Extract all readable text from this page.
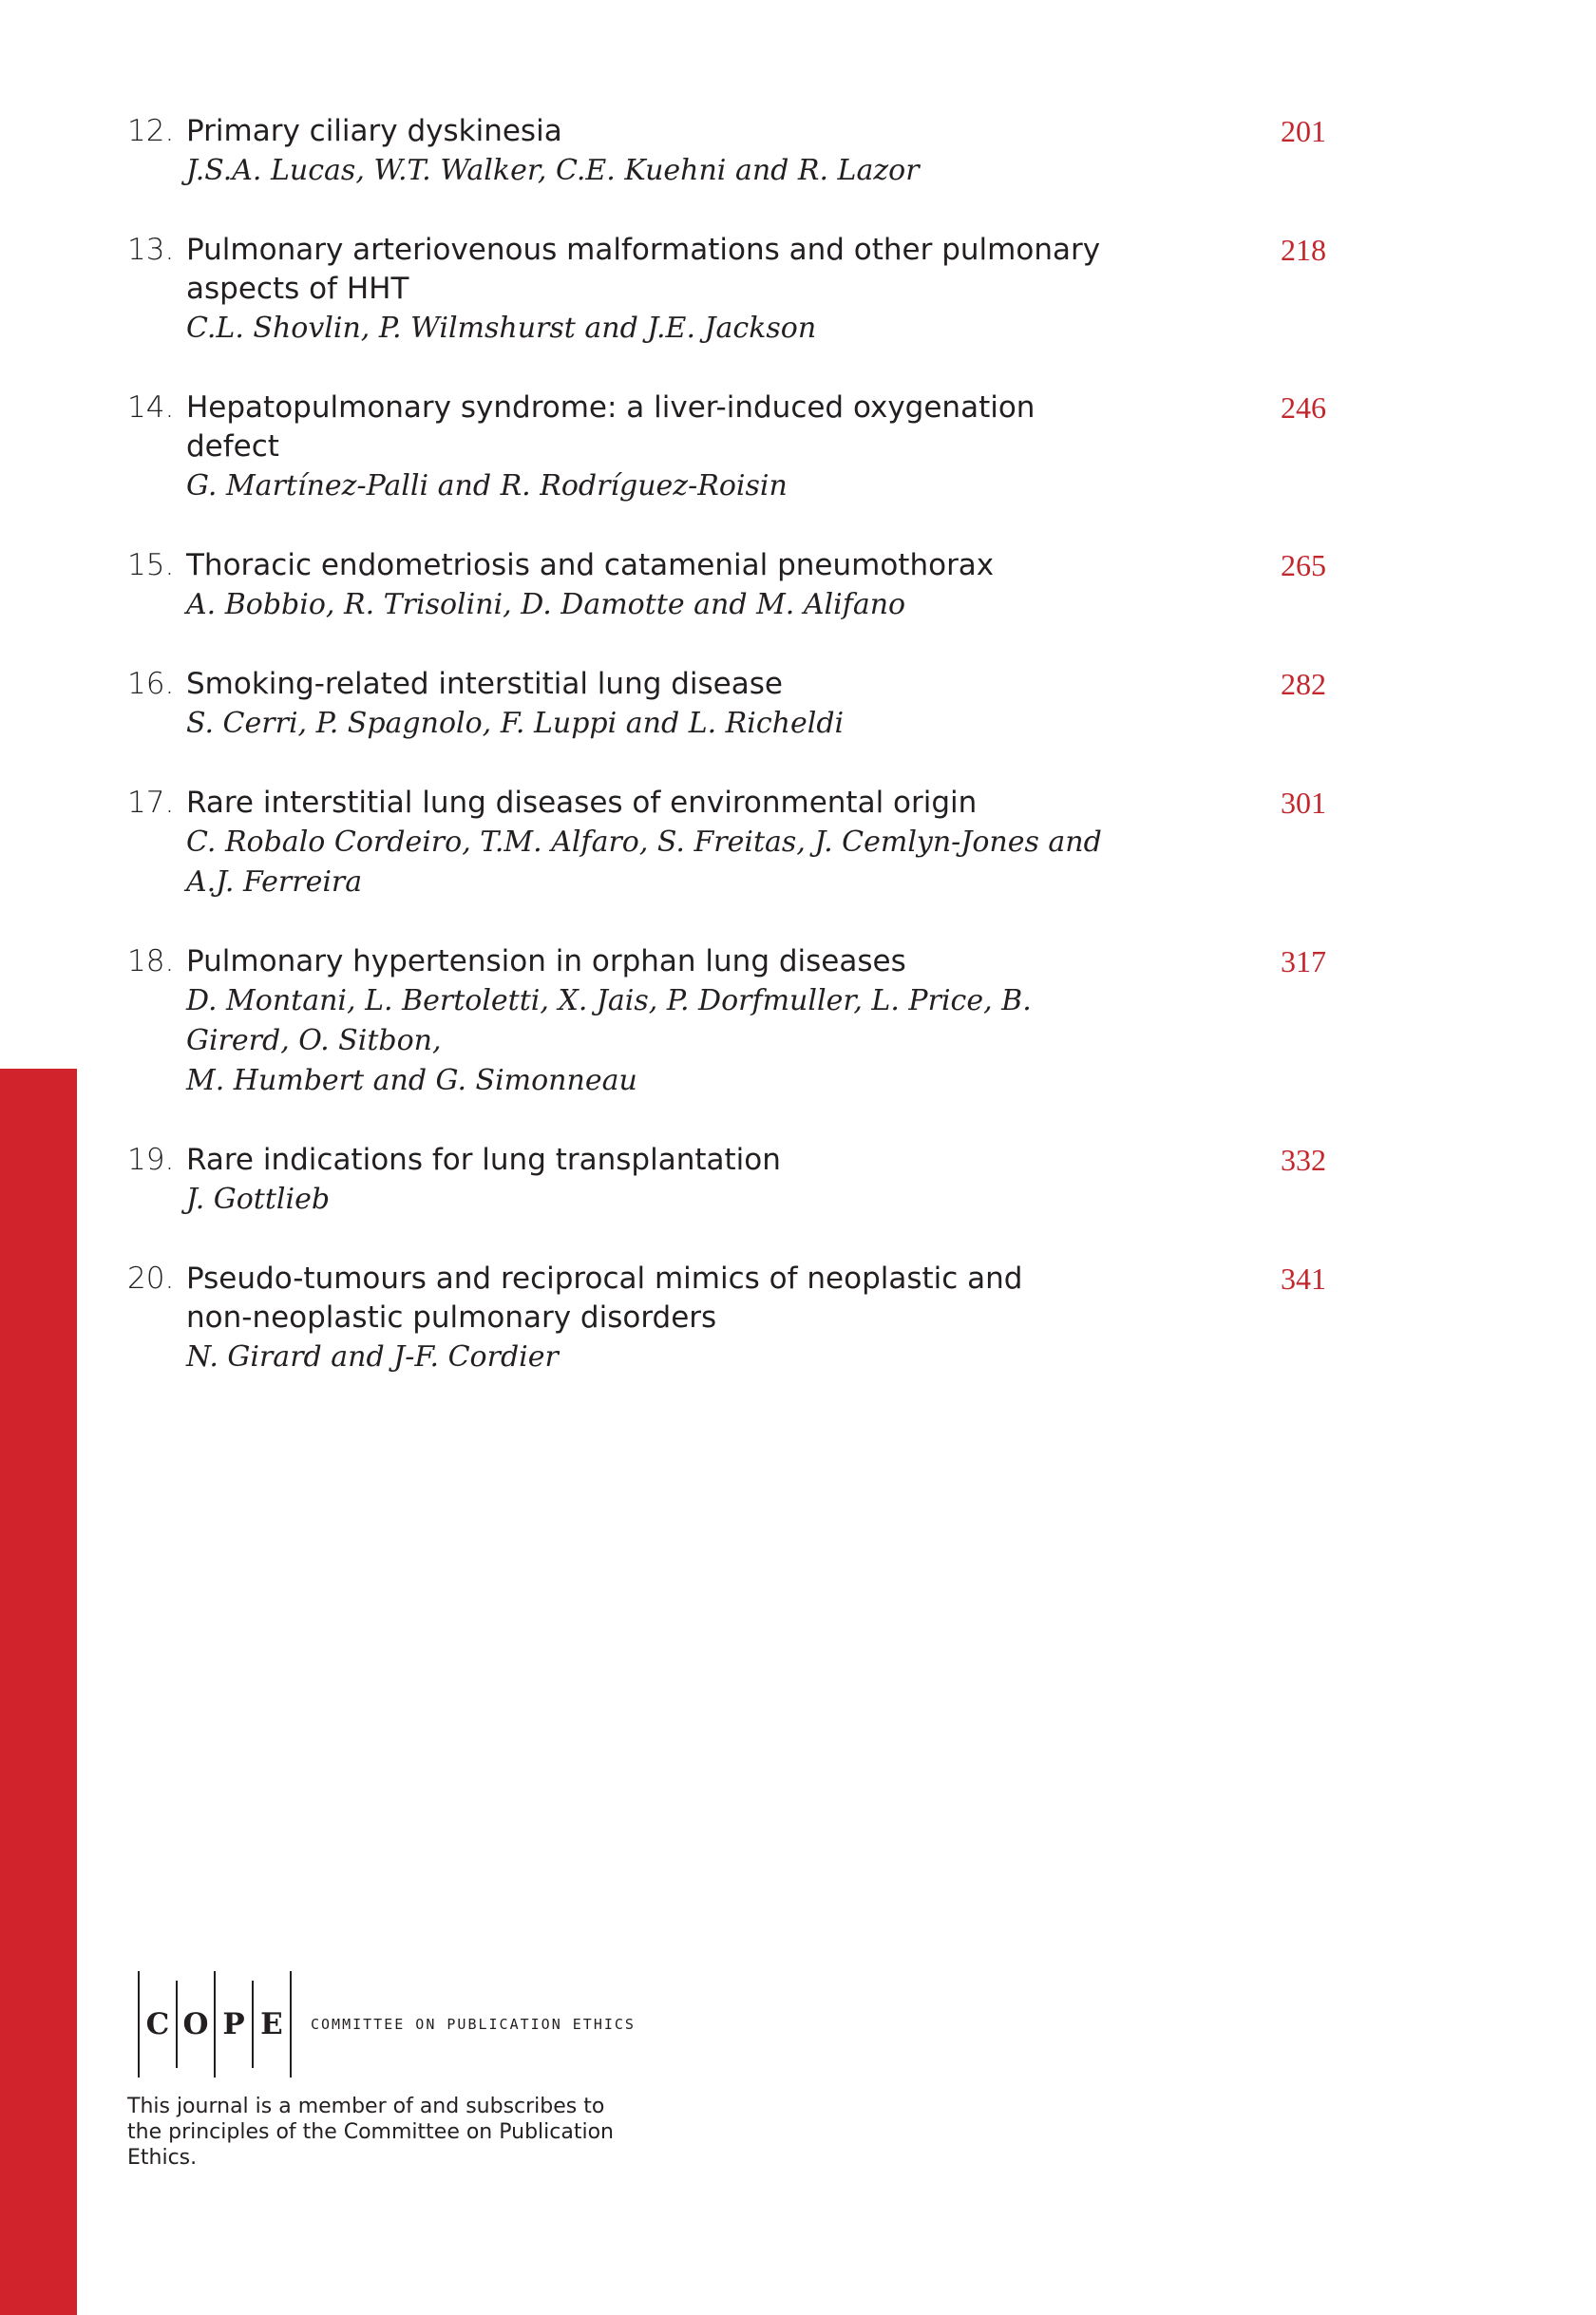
12. Primary ciliary dyskinesia
J.S.A. Lucas, W.T. Walker, C.E. Kuehni and R. Lazor
201
13. Pulmonary arteriovenous malformations and other pulmonary
aspects of HHT
C.L. Shovlin, P. Wilmshurst and J.E. Jackson
218
14. Hepatopulmonary syndrome: a liver-induced oxygenation defect
G. Martínez-Palli and R. Rodríguez-Roisin
246
15. Thoracic endometriosis and catamenial pneumothorax
A. Bobbio, R. Trisolini, D. Damotte and M. Alifano
265
16. Smoking-related interstitial lung disease
S. Cerri, P. Spagnolo, F. Luppi and L. Richeldi
282
17. Rare interstitial lung diseases of environmental origin
C. Robalo Cordeiro, T.M. Alfaro, S. Freitas, J. Cemlyn-Jones and A.J. Ferreira
301
18. Pulmonary hypertension in orphan lung diseases
D. Montani, L. Bertoletti, X. Jais, P. Dorfmuller, L. Price, B. Girerd, O. Sitbon,
M. Humbert and G. Simonneau
317
19. Rare indications for lung transplantation
J. Gottlieb
332
20. Pseudo-tumours and reciprocal mimics of neoplastic and
non-neoplastic pulmonary disorders
N. Girard and J-F. Cordier
341
C O P E	COMMITTEE ON PUBLICATION ETHICS
This journal is a member of and subscribes to
the principles of the Committee on Publication
Ethics.
